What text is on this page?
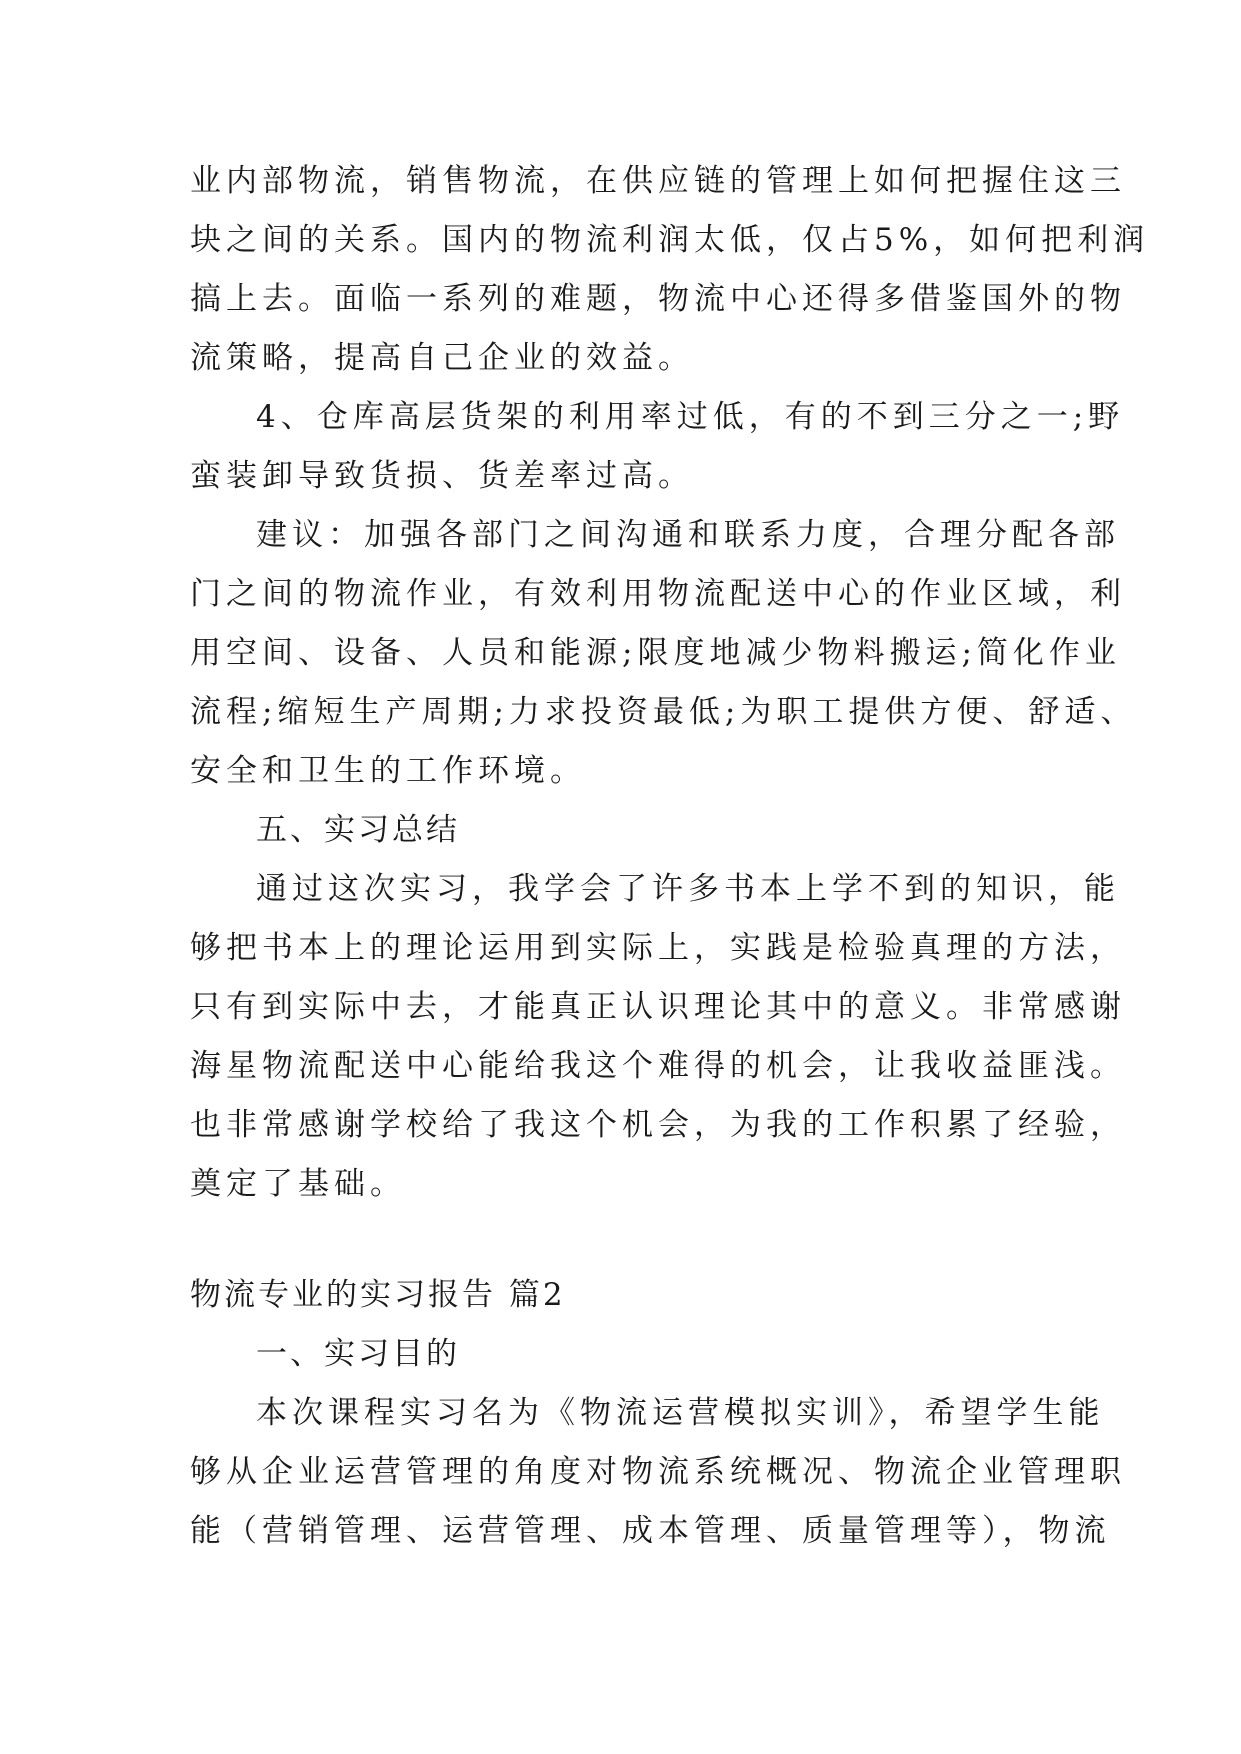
业内部物流，销售物流，在供应链的管理上如何把握住这三
块之间的关系。国内的物流利润太低，仅占5%，如何把利润
搞上去。面临一系列的难题，物流中心还得多借鉴国外的物
流策略，提高自己企业的效益。
4、仓库高层货架的利用率过低，有的不到三分之一;野
蛮装卸导致货损、货差率过高。
建议：加强各部门之间沟通和联系力度，合理分配各部
门之间的物流作业，有效利用物流配送中心的作业区域，利
用空间、设备、人员和能源;限度地减少物料搬运;简化作业
流程;缩短生产周期;力求投资最低;为职工提供方便、舒适、
安全和卫生的工作环境。
五、实习总结
通过这次实习，我学会了许多书本上学不到的知识，能
够把书本上的理论运用到实际上，实践是检验真理的方法，
只有到实际中去，才能真正认识理论其中的意义。非常感谢
海星物流配送中心能给我这个难得的机会，让我收益匪浅。
也非常感谢学校给了我这个机会，为我的工作积累了经验，
奠定了基础。
物流专业的实习报告 篇2
一、实习目的
本次课程实习名为《物流运营模拟实训》，希望学生能
够从企业运营管理的角度对物流系统概况、物流企业管理职
能（营销管理、运营管理、成本管理、质量管理等），物流
